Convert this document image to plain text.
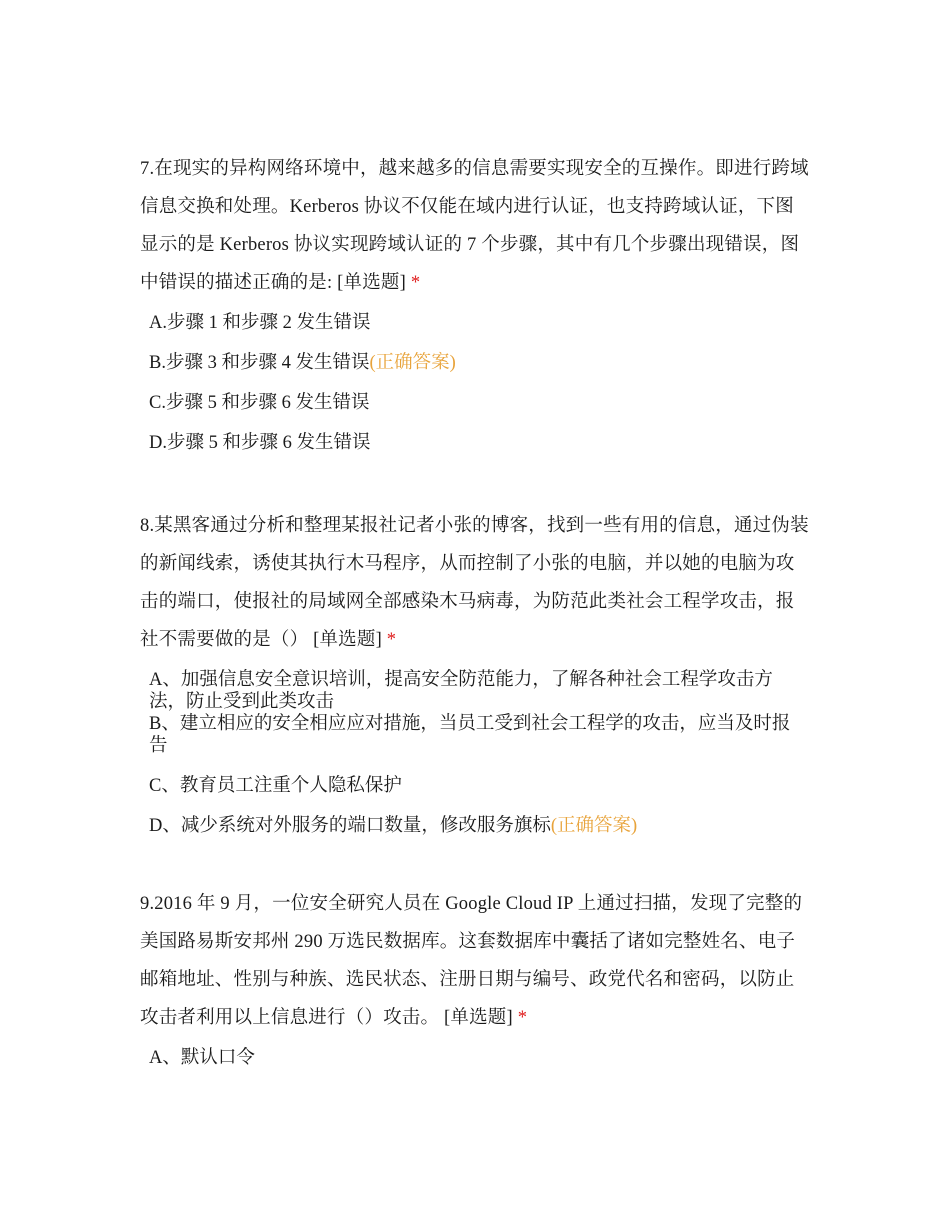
7.在现实的异构网络环境中，越来越多的信息需要实现安全的互操作。即进行跨域信息交换和处理。Kerberos 协议不仅能在域内进行认证，也支持跨域认证，下图显示的是 Kerberos 协议实现跨域认证的 7 个步骤，其中有几个步骤出现错误，图中错误的描述正确的是: [单选题] *

A.步骤 1 和步骤 2 发生错误
B.步骤 3 和步骤 4 发生错误(正确答案)
C.步骤 5 和步骤 6 发生错误
D.步骤 5 和步骤 6 发生错误

8.某黑客通过分析和整理某报社记者小张的博客，找到一些有用的信息，通过伪装的新闻线索，诱使其执行木马程序，从而控制了小张的电脑，并以她的电脑为攻击的端口，使报社的局域网全部感染木马病毒，为防范此类社会工程学攻击，报社不需要做的是（） [单选题] *

A、加强信息安全意识培训，提高安全防范能力，了解各种社会工程学攻击方法，防止受到此类攻击
B、建立相应的安全相应应对措施，当员工受到社会工程学的攻击，应当及时报告
C、教育员工注重个人隐私保护
D、减少系统对外服务的端口数量，修改服务旗标(正确答案)

9.2016 年 9 月，一位安全研究人员在 Google Cloud IP 上通过扫描，发现了完整的美国路易斯安邦州 290 万选民数据库。这套数据库中囊括了诸如完整姓名、电子邮箱地址、性别与种族、选民状态、注册日期与编号、政党代名和密码，以防止攻击者利用以上信息进行（）攻击。 [单选题] *

A、默认口令
